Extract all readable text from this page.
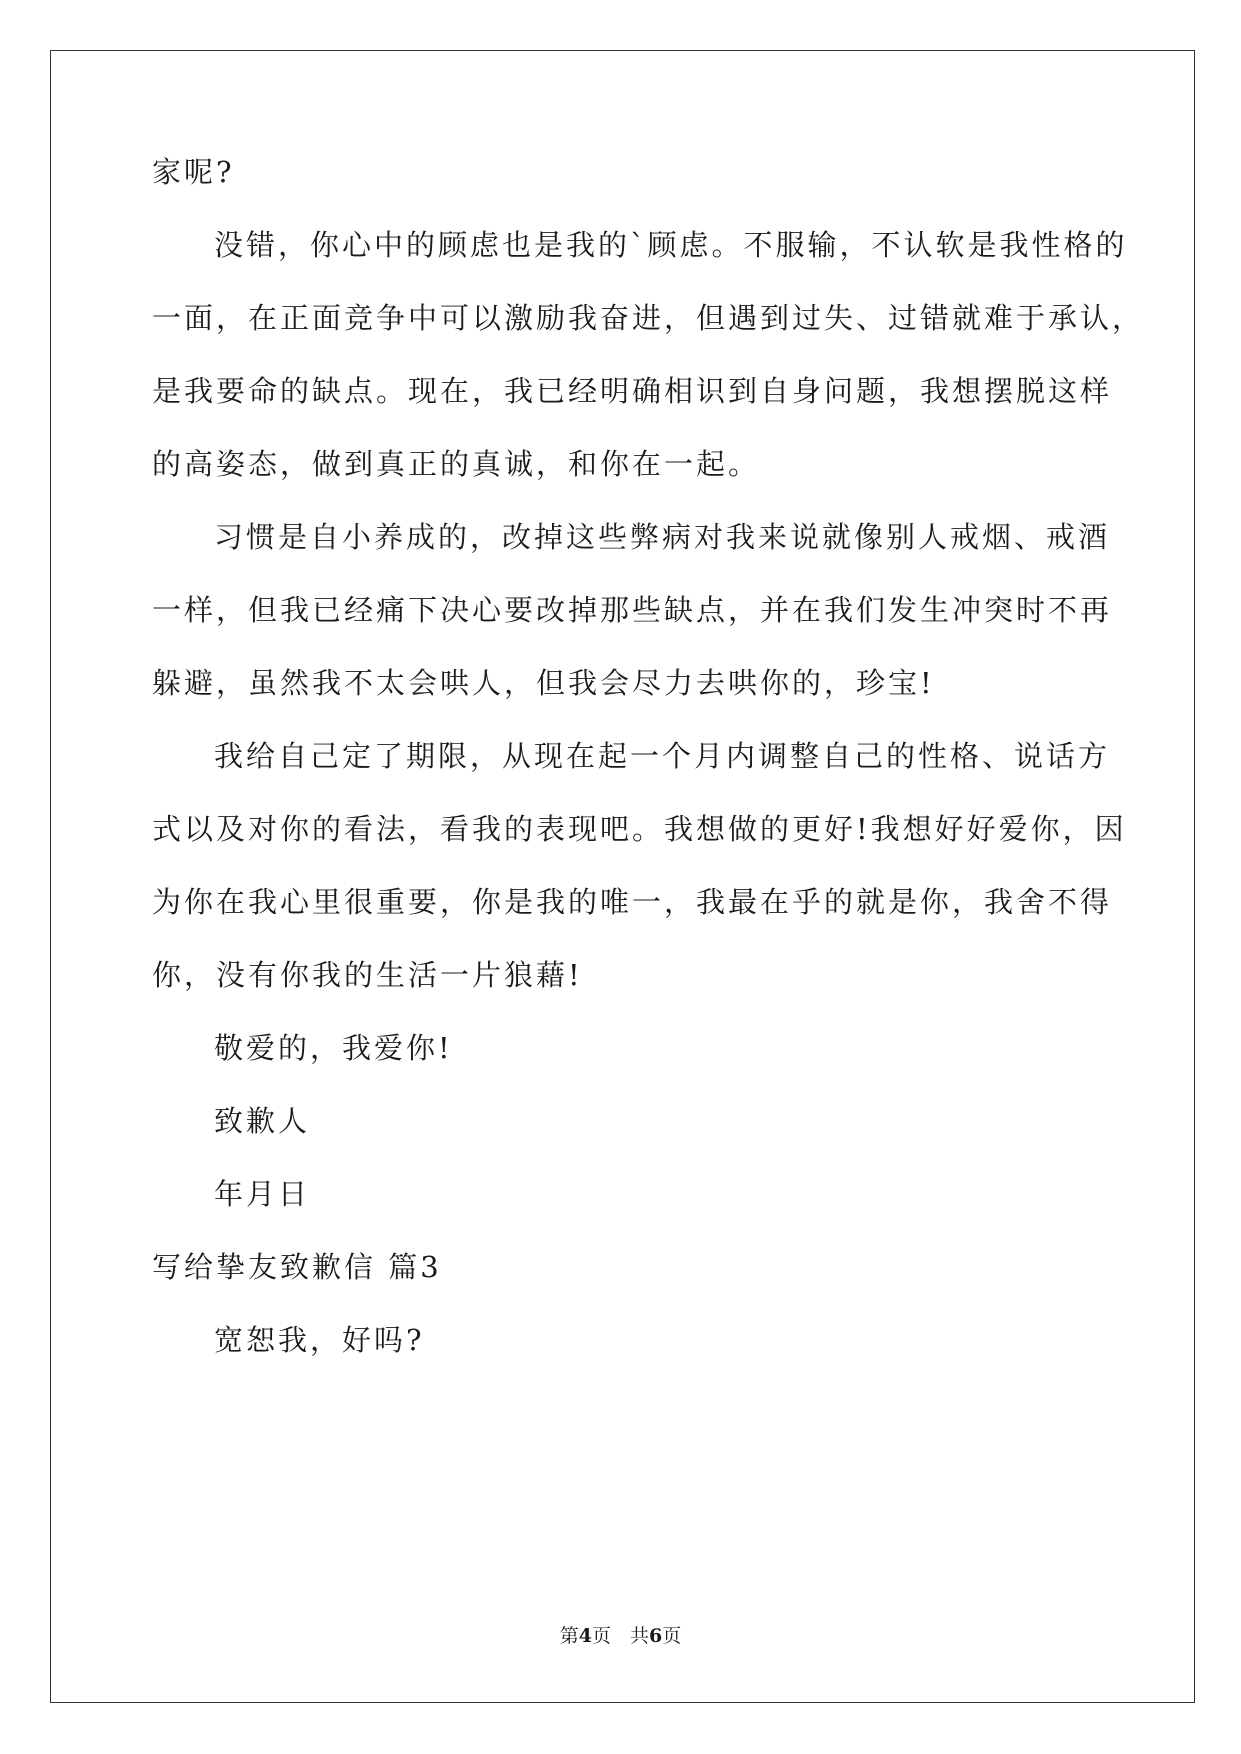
家呢?
没错，你心中的顾虑也是我的`顾虑。不服输，不认软是我性格的
一面，在正面竞争中可以激励我奋进，但遇到过失、过错就难于承认，
是我要命的缺点。现在，我已经明确相识到自身问题，我想摆脱这样
的高姿态，做到真正的真诚，和你在一起。
习惯是自小养成的，改掉这些弊病对我来说就像别人戒烟、戒酒
一样，但我已经痛下决心要改掉那些缺点，并在我们发生冲突时不再
躲避，虽然我不太会哄人，但我会尽力去哄你的，珍宝!
我给自己定了期限，从现在起一个月内调整自己的性格、说话方
式以及对你的看法，看我的表现吧。我想做的更好!我想好好爱你，因
为你在我心里很重要，你是我的唯一，我最在乎的就是你，我舍不得
你，没有你我的生活一片狼藉!
敬爱的，我爱你!
致歉人
年月日
写给挚友致歉信 篇3
宽恕我，好吗?
第4页　共6页
